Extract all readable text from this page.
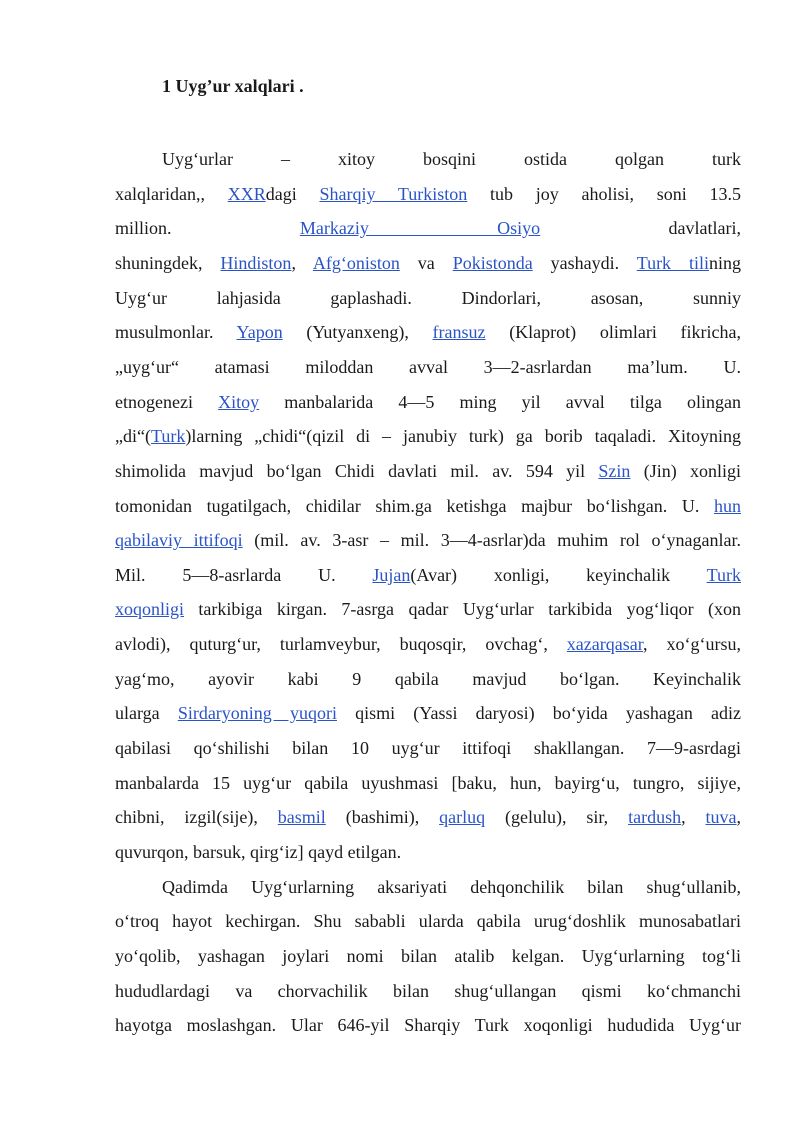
1 Uyg’ur xalqlari .

Uyg‘urlar – xitoy bosqini ostida qolgan turk

xalqlaridan,, XXRdagi Sharqiy Turkiston tub joy aholisi, soni 13.5

million. Markaziy Osiyo davlatlari,

shuningdek, Hindiston, Afg‘oniston va Pokistonda yashaydi. Turk tilining

Uyg‘ur lahjasida gaplashadi. Dindorlari, asosan, sunniy

musulmonlar. Yapon (Yutyanxeng), fransuz (Klaprot) olimlari fikricha,

„uyg‘ur“ atamasi miloddan avval 3—2-asrlardan ma’lum. U.

etnogenezi Xitoy manbalarida 4—5 ming yil avval tilga olingan

„di“(Turk)larning „chidi“(qizil di – janubiy turk) ga borib taqaladi. Xitoyning

shimolida mavjud bo‘lgan Chidi davlati mil. av. 594 yil Szin (Jin) xonligi

tomonidan tugatilgach, chidilar shim.ga ketishga majbur bo‘lishgan. U. hun

qabilaviy ittifoqi (mil. av. 3-asr – mil. 3—4-asrlar)da muhim rol o‘ynaganlar.

Mil. 5—8-asrlarda U. Jujan(Avar) xonligi, keyinchalik Turk

xoqonligi tarkibiga kirgan. 7-asrga qadar Uyg‘urlar tarkibida yog‘liqor (xon

avlodi), quturg‘ur, turlamveybur, buqosqir, ovchag‘, xazarqasar, xo‘g‘ursu,

yag‘mo, ayovir kabi 9 qabila mavjud bo‘lgan. Keyinchalik

ularga Sirdaryoning yuqori qismi (Yassi daryosi) bo‘yida yashagan adiz

qabilasi qo‘shilishi bilan 10 uyg‘ur ittifoqi shakllangan. 7—9-asrdagi

manbalarda 15 uyg‘ur qabila uyushmasi [baku, hun, bayirg‘u, tungro, sijiye,

chibni, izgil(sije), basmil (bashimi), qarluq (gelulu), sir, tardush, tuva,

quvurqon, barsuk, qirg‘iz] qayd etilgan.

Qadimda Uyg‘urlarning aksariyati dehqonchilik bilan shug‘ullanib,

o‘troq hayot kechirgan. Shu sababli ularda qabila urug‘doshlik munosabatlari

yo‘qolib, yashagan joylari nomi bilan atalib kelgan. Uyg‘urlarning tog‘li

hududlardagi va chorvachilik bilan shug‘ullangan qismi ko‘chmanchi

hayotga moslashgan. Ular 646-yil Sharqiy Turk xoqonligi hududida Uyg‘ur
